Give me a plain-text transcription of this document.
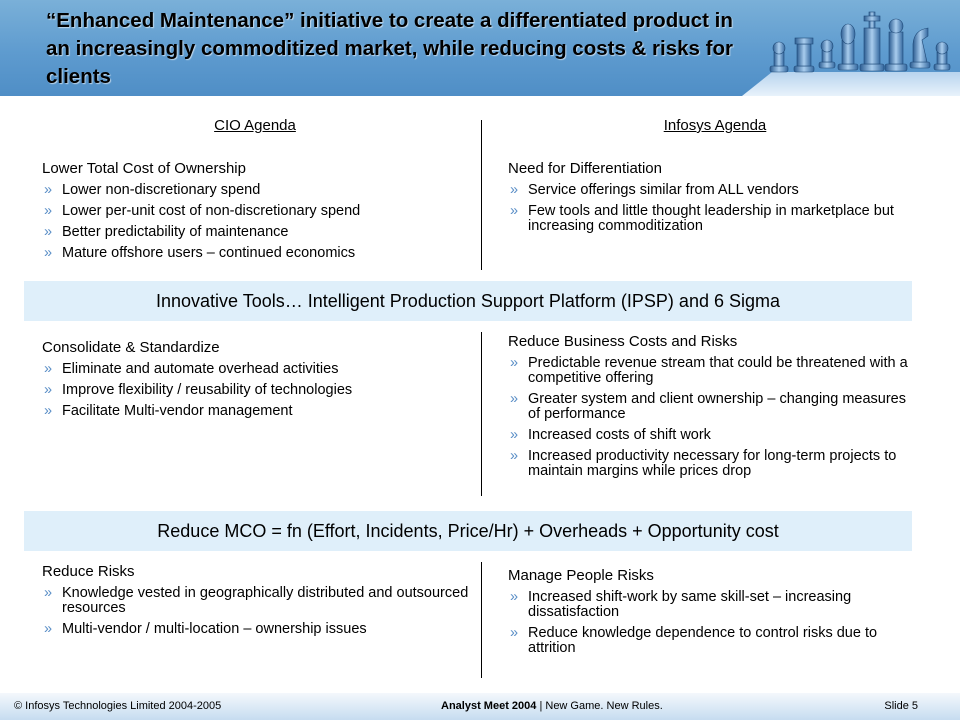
“Enhanced Maintenance” initiative to create a differentiated product in an increasingly commoditized market, while reducing costs & risks for clients
CIO Agenda	Infosys Agenda

Lower Total Cost of Ownership

» Lower non-discretionary spend
» Lower per-unit cost of non-discretionary spend
» Better predictability of maintenance
» Mature offshore users – continued economics

Need for Differentiation

» Service offerings similar from ALL vendors
» Few tools and little thought leadership in marketplace but increasing commoditization
Innovative Tools… Intelligent Production Support Platform (IPSP) and 6 Sigma

Consolidate & Standardize

» Eliminate and automate overhead activities
» Improve flexibility / reusability of technologies
» Facilitate Multi-vendor management

Reduce Business Costs and Risks

» Predictable revenue stream that could be threatened with a competitive offering
» Greater system and client ownership – changing measures of performance
» Increased costs of shift work
» Increased productivity necessary for long-term projects to maintain margins while prices drop
Reduce MCO = fn (Effort, Incidents, Price/Hr) + Overheads + Opportunity cost

Reduce Risks

» Knowledge vested in geographically distributed and outsourced resources
» Multi-vendor / multi-location – ownership issues

Manage People Risks

» Increased shift-work by same skill-set – increasing dissatisfaction
» Reduce knowledge dependence to control risks due to attrition
© Infosys Technologies Limited 2004-2005	Analyst Meet 2004 | New Game. New Rules.	Slide 5
